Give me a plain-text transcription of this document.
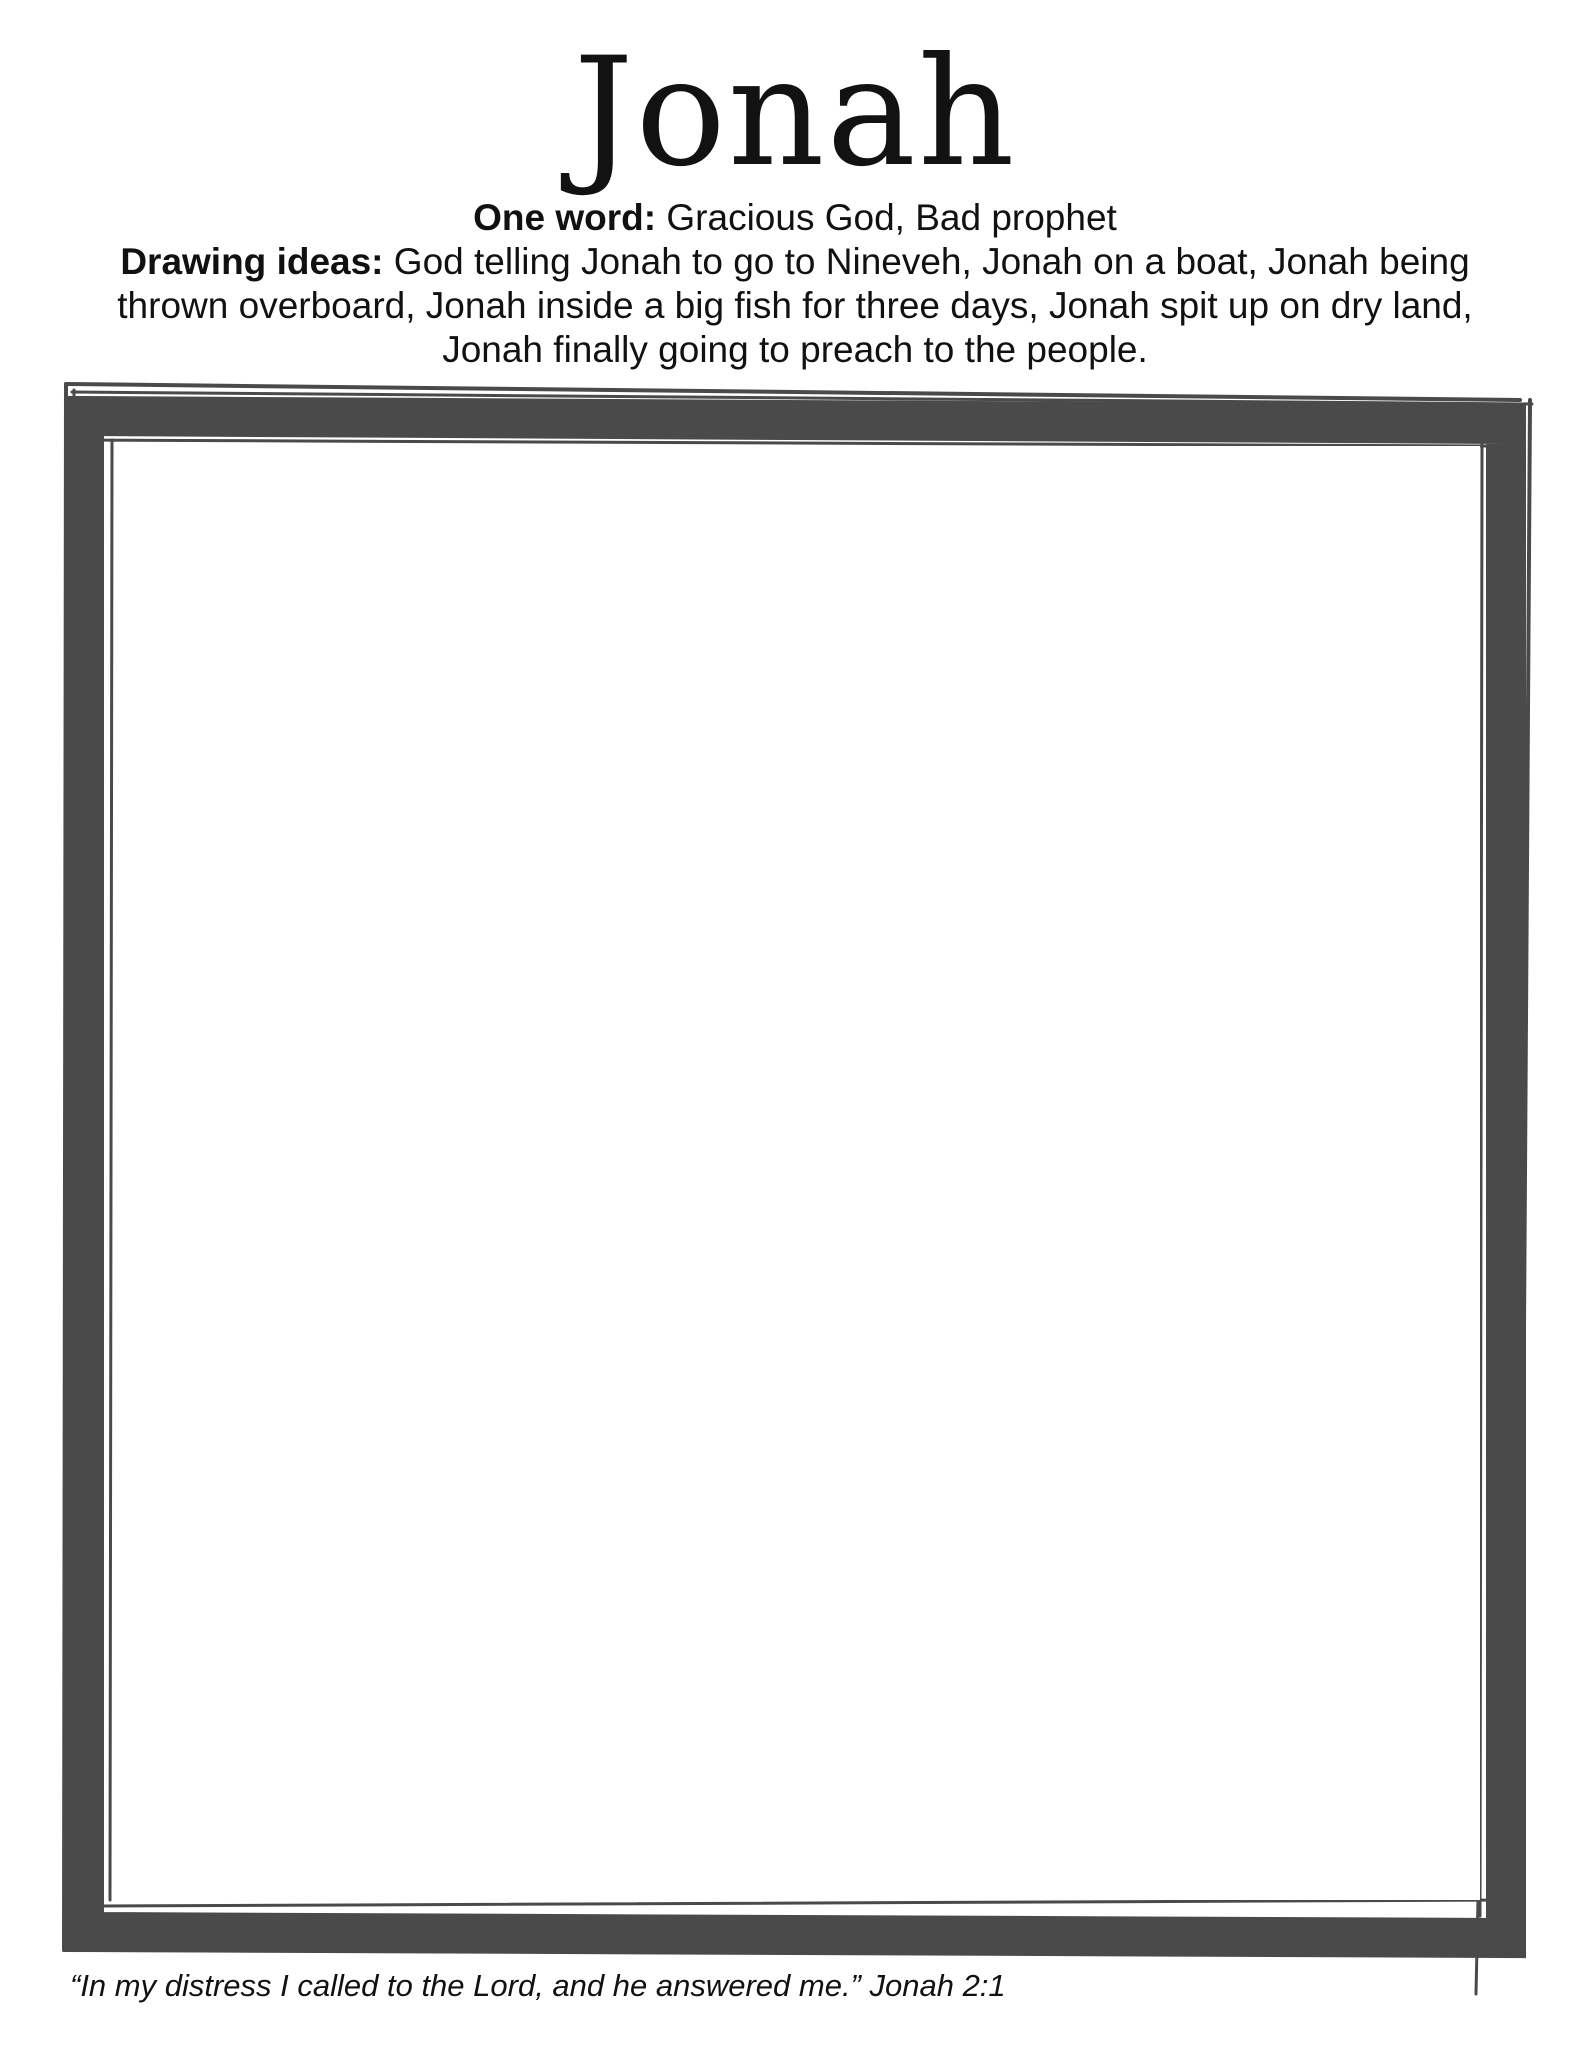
Jonah
One word: Gracious God, Bad prophet
Drawing ideas: God telling Jonah to go to Nineveh, Jonah on a boat, Jonah being
thrown overboard, Jonah inside a big fish for three days, Jonah spit up on dry land,
Jonah finally going to preach to the people.
“In my distress I called to the Lord, and he answered me.” Jonah 2:1
